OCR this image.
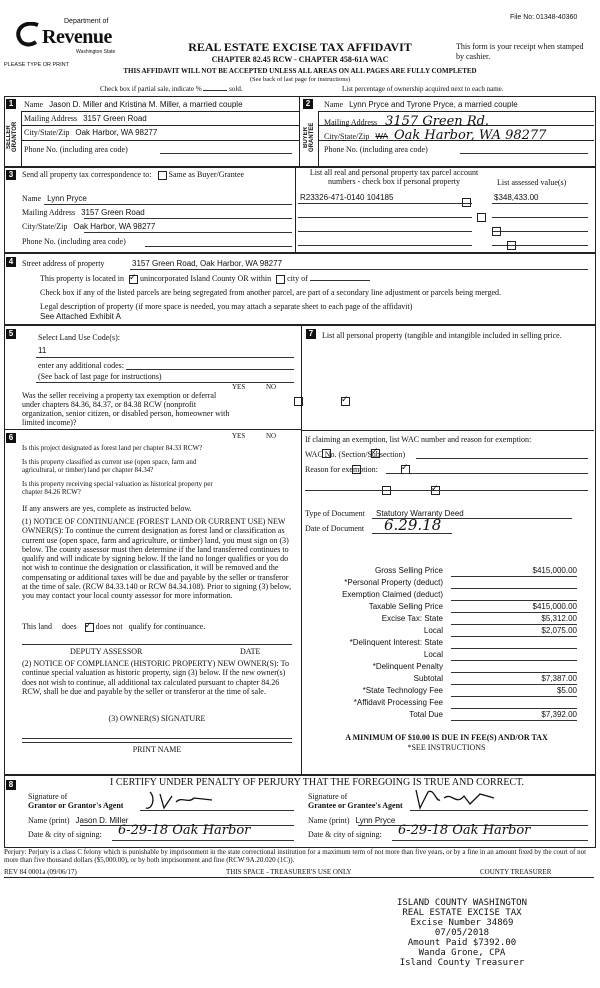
File No: 01348-40360
Department of
Revenue
Washington State
PLEASE TYPE OR PRINT
REAL ESTATE EXCISE TAX AFFIDAVIT
CHAPTER 82.45 RCW - CHAPTER 458-61A WAC
This form is your receipt when stamped by cashier.
THIS AFFIDAVIT WILL NOT BE ACCEPTED UNLESS ALL AREAS ON ALL PAGES ARE FULLY COMPLETED
(See back of last page for instructions)
Check box if partial sale, indicate %	sold.	List percentage of ownership acquired next to each name.
1
SELLER GRANTOR
Name Jason D. Miller and Kristina M. Miller, a married couple
Mailing Address 3157 Green Road
City/State/Zip Oak Harbor, WA 98277
Phone No. (including area code)
2
BUYER GRANTEE
Name Lynn Pryce and Tyrone Pryce, a married couple
Mailing Address 3157 Green Rd.
City/State/Zip WA Oak Harbor, WA 98277
Phone No. (including area code)
3	Send all property tax correspondence to: Same as Buyer/Grantee
Name Lynn Pryce
Mailing Address 3157 Green Road
City/State/Zip Oak Harbor, WA 98277
Phone No. (including area code)
List all real and personal property tax parcel account numbers - check box if personal property	List assessed value(s)
R23326-471-0140 104185	$348,433.00

4	Street address of property	3157 Green Road, Oak Harbor, WA 98277
This property is located in ✓ unincorporated Island County OR within city of
Check box if any of the listed parcels are being segregated from another parcel, are part of a secondary line adjustment or parcels being merged.
Legal description of property (if more space is needed, you may attach a separate sheet to each page of the affidavit)
See Attached Exhibit A
5	Select Land Use Code(s):
11
enter any additional codes:
(See back of last page for instructions)
YES	NO
Was the seller receiving a property tax exemption or deferral under chapters 84.36, 84.37, or 84.38 RCW (nonprofit organization, senior citizen, or disabled person, homeowner with limited income)?
✓
6	YES	NO
Is this project designated as forest land per chapter 84.33 RCW?
✓
Is this property classified as current use (open space, farm and agricultural, or timber) land per chapter 84.34?
✓
Is this property receiving special valuation as historical property per chapter 84.26 RCW?
✓
If any answers are yes, complete as instructed below.
(1) NOTICE OF CONTINUANCE (FOREST LAND OR CURRENT USE) NEW OWNER(S): To continue the current designation as forest land or classification as current use (open space, farm and agriculture, or timber) land, you must sign on (3) below. The county assessor must then determine if the land transferred continues to qualify and will indicate by signing below. If the land no longer qualifies or you do not wish to continue the designation or classification, it will be removed and the compensating or additional taxes will be due and payable by the seller or transferor at the time of sale. (RCW 84.33.140 or RCW 84.34.108). Prior to signing (3) below, you may contact your local county assessor for more information.
This land does ✓ does not qualify for continuance.
DEPUTY ASSESSOR	DATE
(2) NOTICE OF COMPLIANCE (HISTORIC PROPERTY) NEW OWNER(S): To continue special valuation as historic property, sign (3) below. If the new owner(s) does not wish to continue, all additional tax calculated pursuant to chapter 84.26 RCW, shall be due and payable by the seller or transferor at the time of sale.
(3) OWNER(S) SIGNATURE
PRINT NAME
7	List all personal property (tangible and intangible included in selling price.
If claiming an exemption, list WAC number and reason for exemption:
WAC No. (Section/Subsection)
Reason for exemption:
Type of Document Statutory Warranty Deed
Date of Document 6.29.18
Gross Selling Price	$415,000.00
*Personal Property (deduct)
Exemption Claimed (deduct)
Taxable Selling Price	$415,000.00
Excise Tax: State	$5,312.00
Local	$2,075.00
*Delinquent Interest: State
Local
*Delinquent Penalty
Subtotal	$7,387.00
*State Technology Fee	$5.00
*Affidavit Processing Fee
Total Due	$7,392.00
A MINIMUM OF $10.00 IS DUE IN FEE(S) AND/OR TAX
*SEE INSTRUCTIONS
8	I CERTIFY UNDER PENALTY OF PERJURY THAT THE FOREGOING IS TRUE AND CORRECT.
Signature of
Grantor or Grantor's Agent
Name (print) Jason D. Miller
Date & city of signing: 6-29-18 Oak Harbor
Signature of
Grantee or Grantee's Agent
Name (print) Lynn Pryce
Date & city of signing: 6-29-18 Oak Harbor
Perjury: Perjury is a class C felony which is punishable by imprisonment in the state correctional institution for a maximum term of not more than five years, or by a fine in an amount fixed by the court of not more than five thousand dollars ($5,000.00), or by both imprisonment and fine (RCW 9A.20.020 (1C)).
REV 84 0001a (09/06/17)	THIS SPACE - TREASURER'S USE ONLY	COUNTY TREASURER
ISLAND COUNTY WASHINGTON
REAL ESTATE EXCISE TAX
Excise Number 34869
07/05/2018
Amount Paid $7392.00
Wanda Grone, CPA
Island County Treasurer
